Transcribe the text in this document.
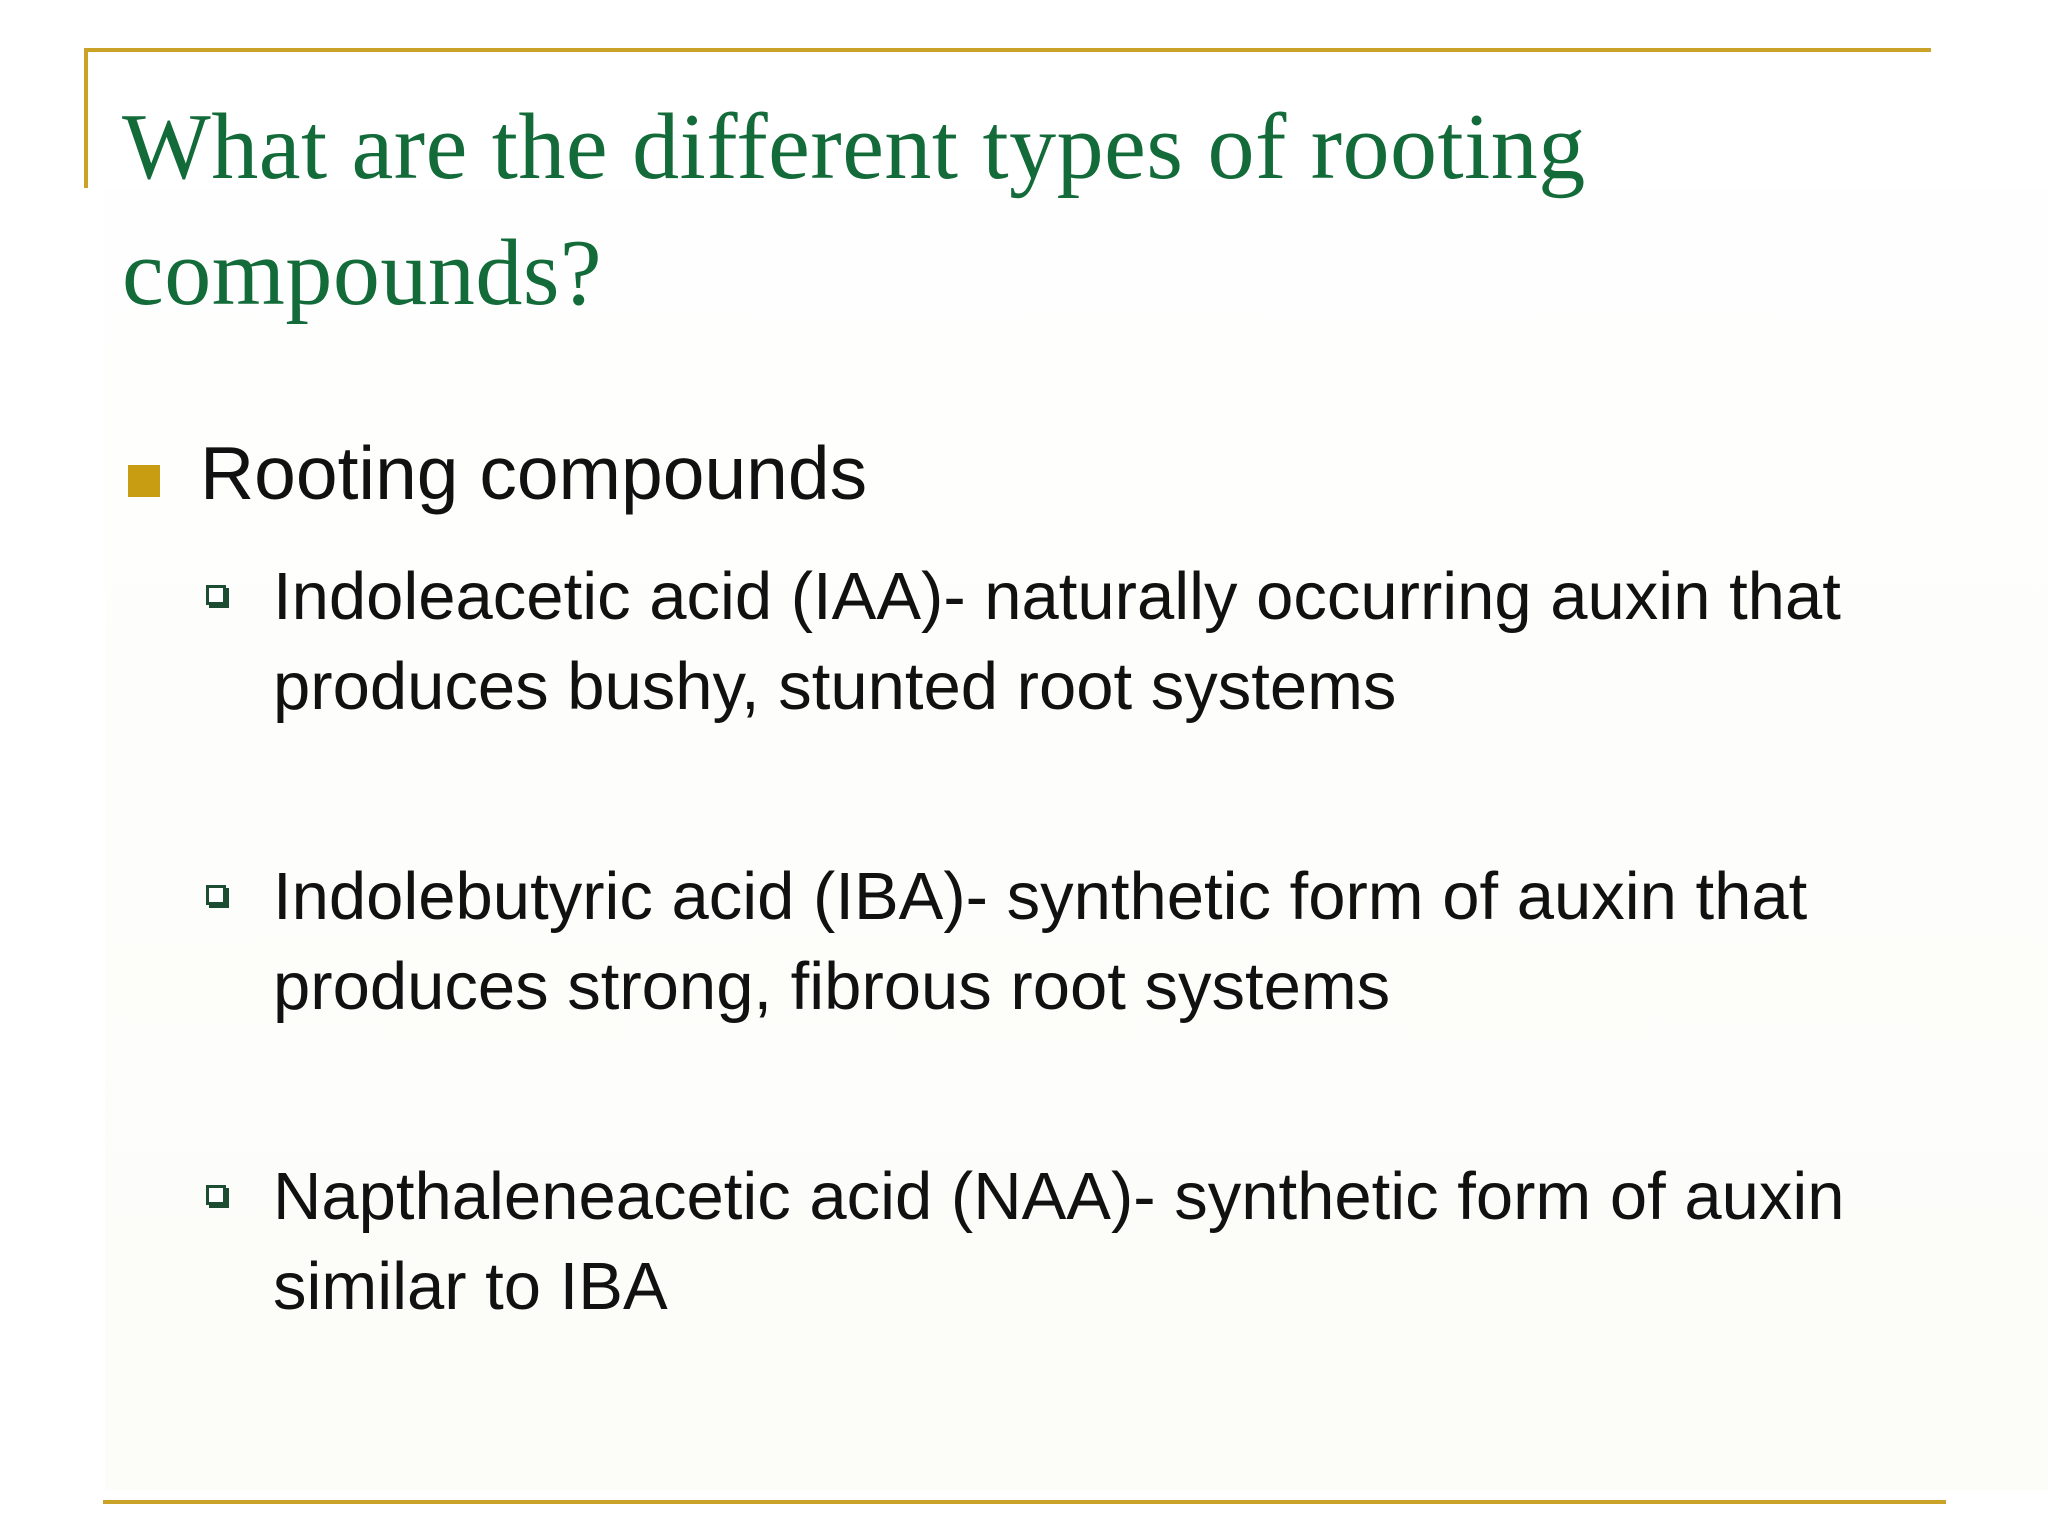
What are the different types of rooting compounds?
Rooting compounds
Indoleacetic acid (IAA)- naturally occurring auxin that produces bushy, stunted root systems
Indolebutyric acid (IBA)- synthetic form of auxin that produces strong, fibrous root systems
Napthaleneacetic acid (NAA)- synthetic form of auxin similar to IBA
